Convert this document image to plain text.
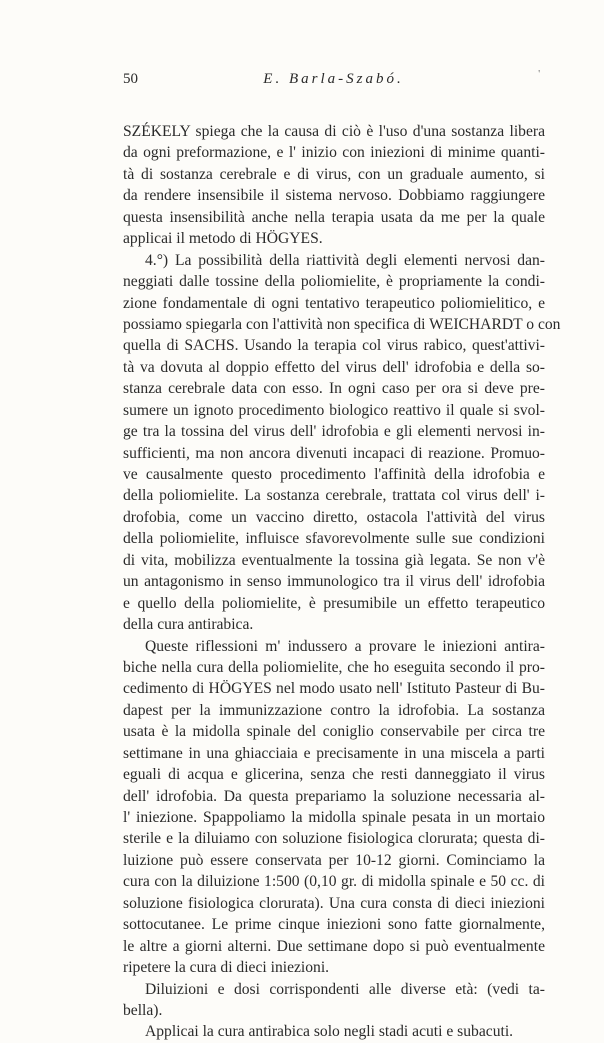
50	E. Barla-Szabó.	'
SZÉKELY spiega che la causa di ciò è l'uso d'una sostanza libera
da ogni preformazione, e l' inizio con iniezioni di minime quanti-
tà di sostanza cerebrale e di virus, con un graduale aumento, si
da rendere insensibile il sistema nervoso. Dobbiamo raggiungere
questa insensibilità anche nella terapia usata da me per la quale
applicai il metodo di HÖGYES.
4.°) La possibilità della riattività degli elementi nervosi dan-
neggiati dalle tossine della poliomielite, è propriamente la condi-
zione fondamentale di ogni tentativo terapeutico poliomielitico, e
possiamo spiegarla con l'attività non specifica di WEICHARDT o con
quella di SACHS. Usando la terapia col virus rabico, quest'attivi-
tà va dovuta al doppio effetto del virus dell' idrofobia e della so-
stanza cerebrale data con esso. In ogni caso per ora si deve pre-
sumere un ignoto procedimento biologico reattivo il quale si svol-
ge tra la tossina del virus dell' idrofobia e gli elementi nervosi in-
sufficienti, ma non ancora divenuti incapaci di reazione. Promuo-
ve causalmente questo procedimento l'affinità della idrofobia e
della poliomielite. La sostanza cerebrale, trattata col virus dell' i-
drofobia, come un vaccino diretto, ostacola l'attività del virus
della poliomielite, influisce sfavorevolmente sulle sue condizioni
di vita, mobilizza eventualmente la tossina già legata. Se non v'è
un antagonismo in senso immunologico tra il virus dell' idrofobia
e quello della poliomielite, è presumibile un effetto terapeutico
della cura antirabica.
Queste riflessioni m' indussero a provare le iniezioni antira-
biche nella cura della poliomielite, che ho eseguita secondo il pro-
cedimento di HÖGYES nel modo usato nell' Istituto Pasteur di Bu-
dapest per la immunizzazione contro la idrofobia. La sostanza
usata è la midolla spinale del coniglio conservabile per circa tre
settimane in una ghiacciaia e precisamente in una miscela a parti
eguali di acqua e glicerina, senza che resti danneggiato il virus
dell' idrofobia. Da questa prepariamo la soluzione necessaria al-
l' iniezione. Spappoliamo la midolla spinale pesata in un mortaio
sterile e la diluiamo con soluzione fisiologica clorurata; questa di-
luizione può essere conservata per 10-12 giorni. Cominciamo la
cura con la diluizione 1:500 (0,10 gr. di midolla spinale e 50 cc. di
soluzione fisiologica clorurata). Una cura consta di dieci iniezioni
sottocutanee. Le prime cinque iniezioni sono fatte giornalmente,
le altre a giorni alterni. Due settimane dopo si può eventualmente
ripetere la cura di dieci iniezioni.
Diluizioni e dosi corrispondenti alle diverse età: (vedi ta-
bella).
Applicai la cura antirabica solo negli stadi acuti e subacuti.
